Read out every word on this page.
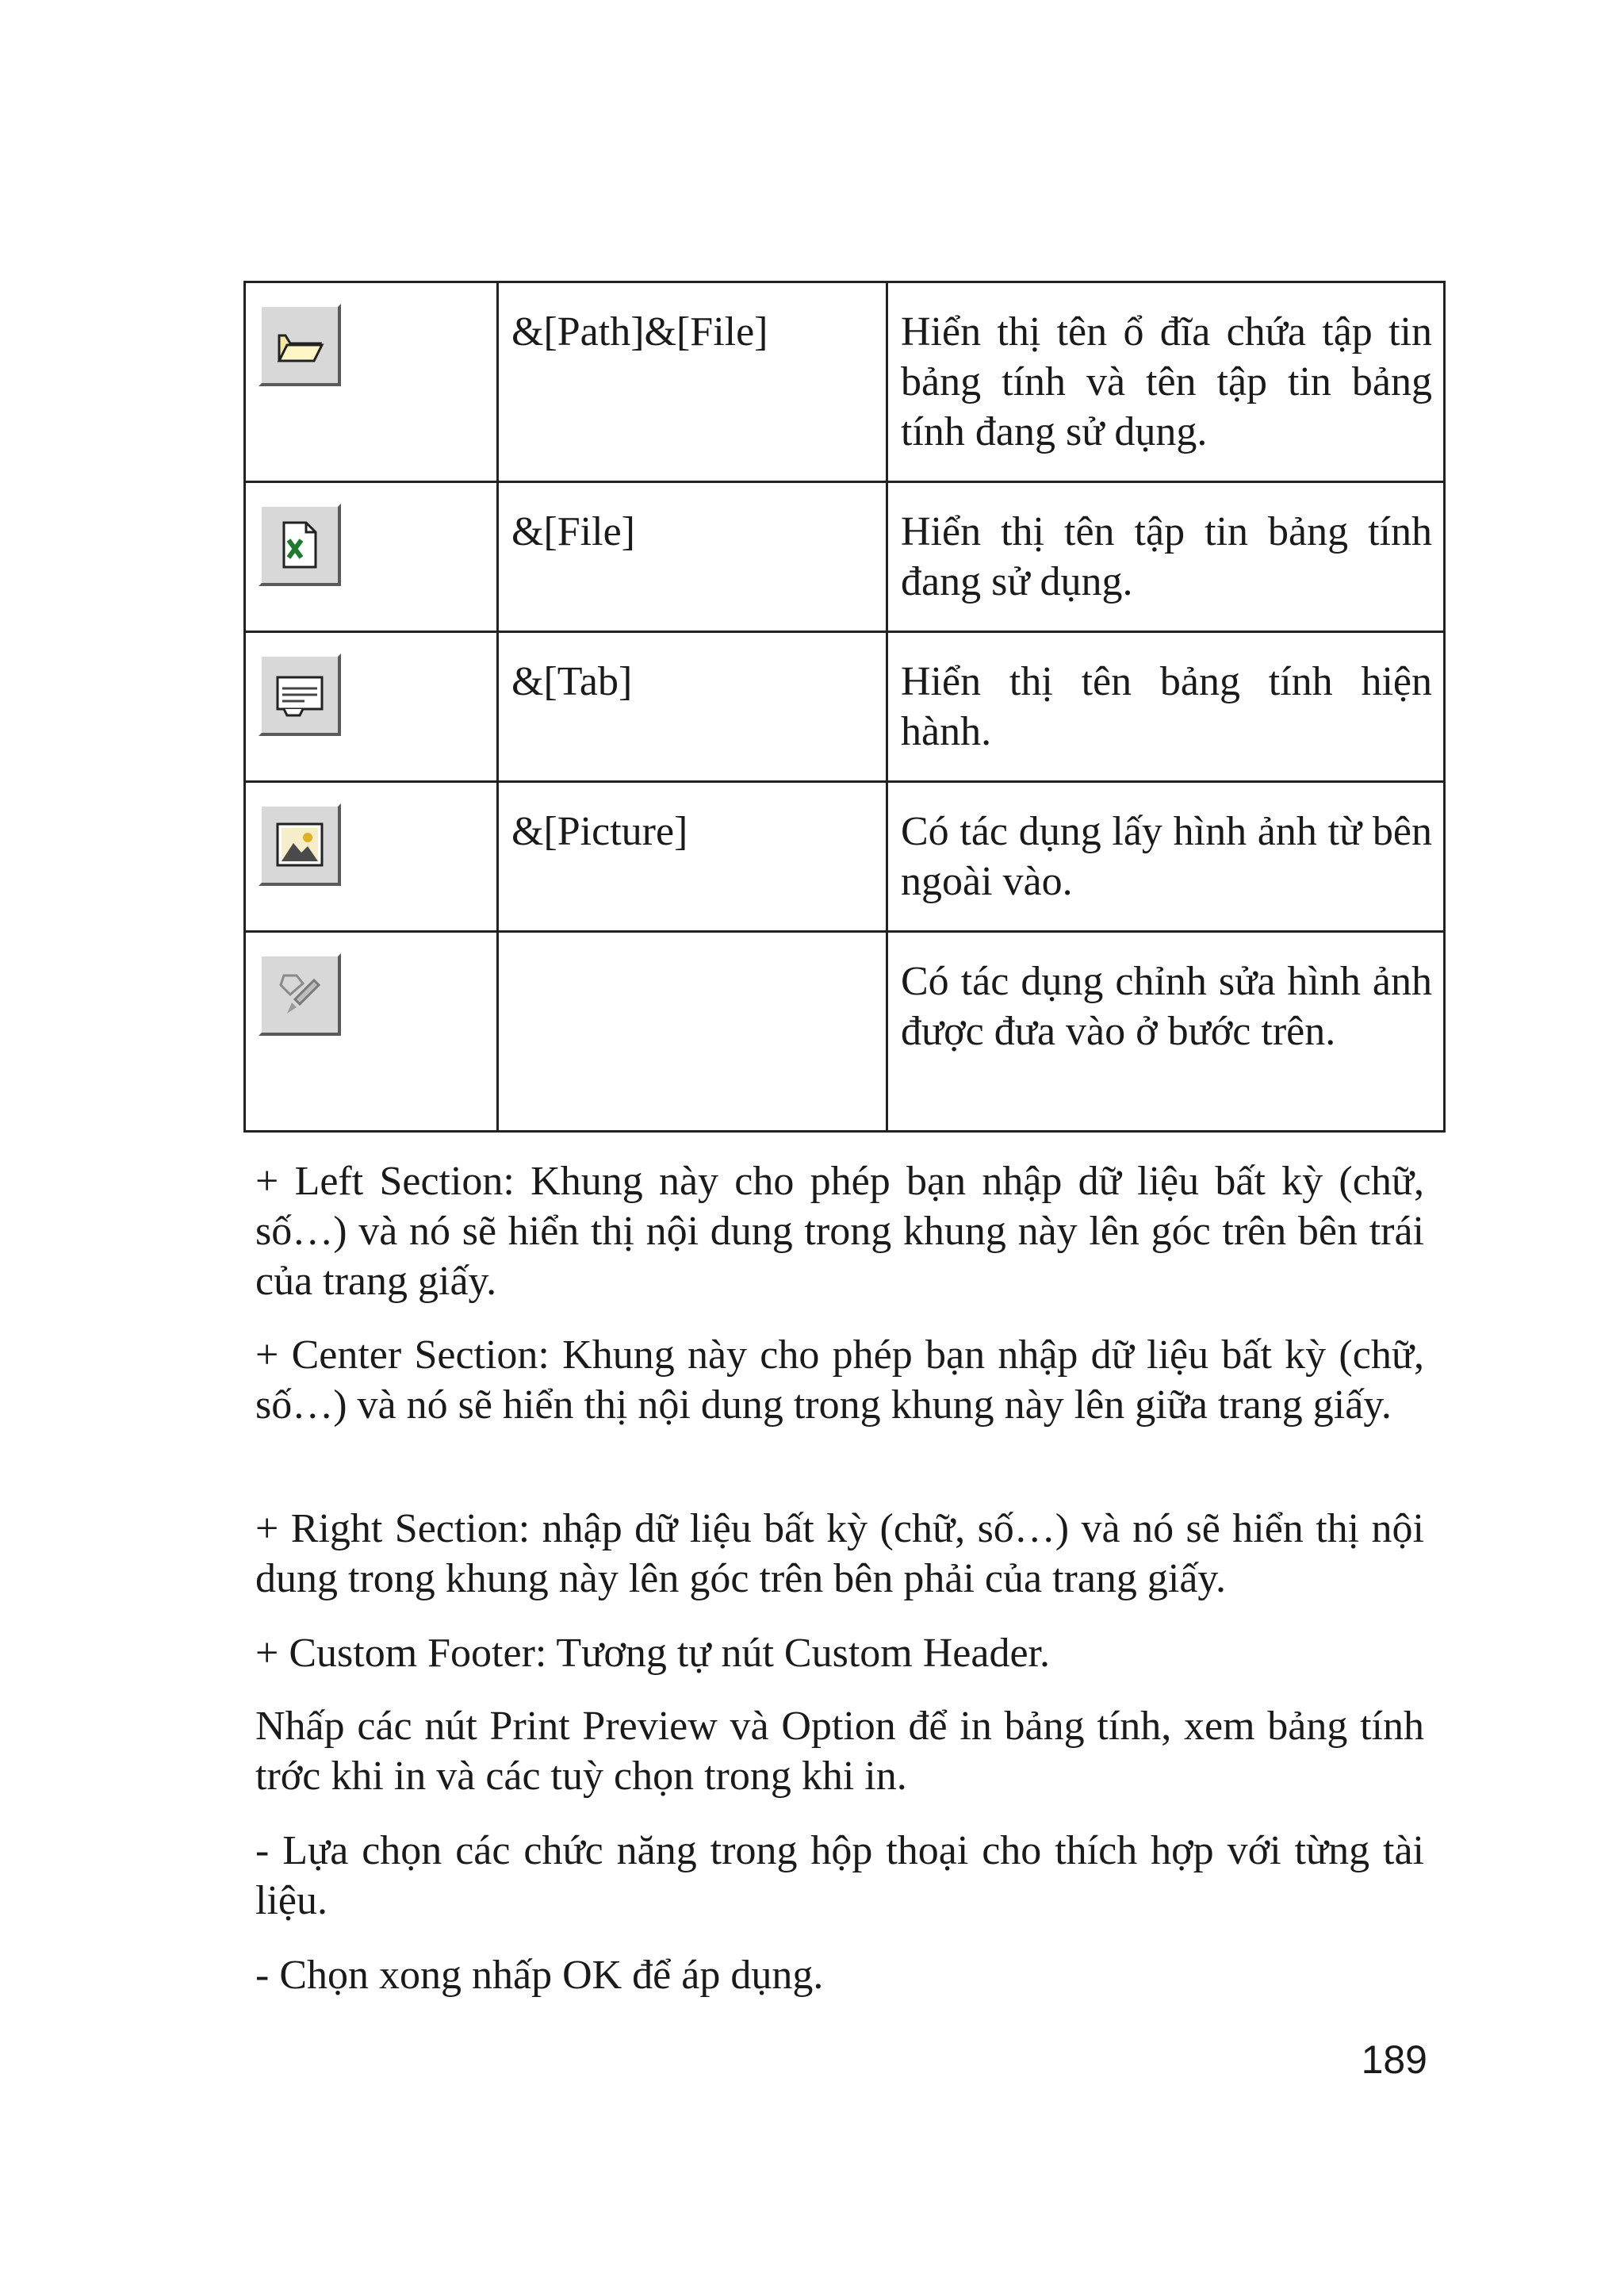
	&[Path]&[File]	Hiển thị tên ổ đĩa chứa tập tin bảng tính và tên tập tin bảng tính đang sử dụng.

	&[File]	Hiển thị tên tập tin bảng tính đang sử dụng.

	&[Tab]	Hiển thị tên bảng tính hiện hành.

	&[Picture]	Có tác dụng lấy hình ảnh từ bên ngoài vào.

		Có tác dụng chỉnh sửa hình ảnh được đưa vào ở bước trên.

+ Left Section: Khung này cho phép bạn nhập dữ liệu bất kỳ (chữ, số…) và nó sẽ hiển thị nội dung trong khung này lên góc trên bên trái của trang giấy.

+ Center Section: Khung này cho phép bạn nhập dữ liệu bất kỳ (chữ, số…) và nó sẽ hiển thị nội dung trong khung này lên giữa trang giấy.

+ Right Section: nhập dữ liệu bất kỳ (chữ, số…) và nó sẽ hiển thị nội dung trong khung này lên góc trên bên phải của trang giấy.

+ Custom Footer: Tương tự nút Custom Header.

Nhấp các nút Print Preview và Option để in bảng tính, xem bảng tính trớc khi in và các tuỳ chọn trong khi in.

- Lựa chọn các chức năng trong hộp thoại cho thích hợp với từng tài liệu.

- Chọn xong nhấp OK để áp dụng.

189
